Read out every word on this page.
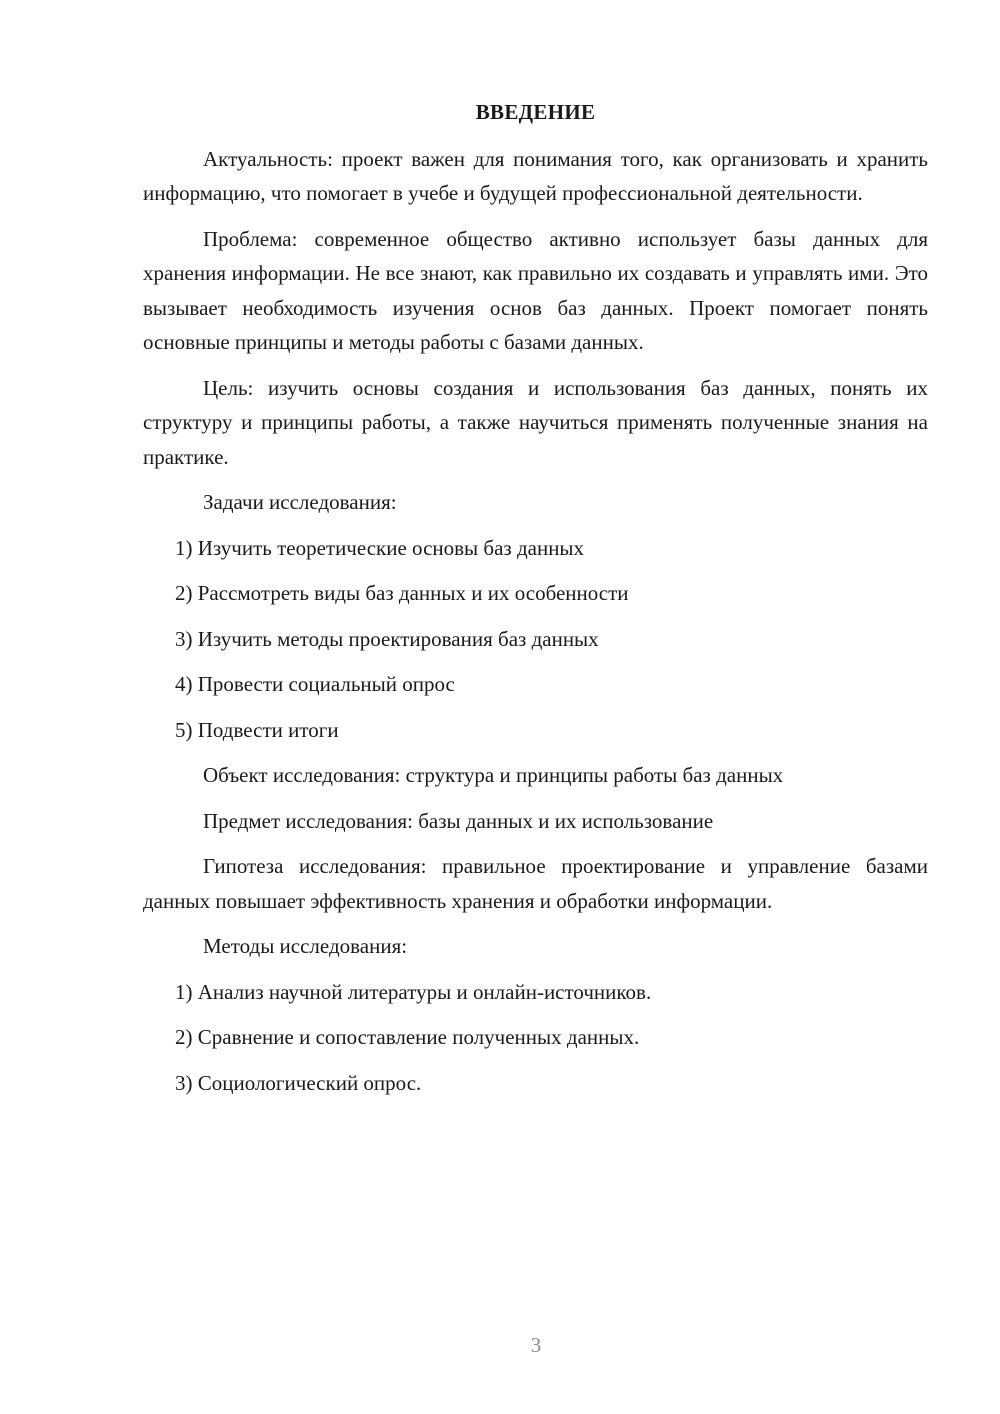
ВВЕДЕНИЕ

Актуальность: проект важен для понимания того, как организовать и хранить информацию, что помогает в учебе и будущей профессиональной деятельности.

Проблема: современное общество активно использует базы данных для хранения информации. Не все знают, как правильно их создавать и управлять ими. Это вызывает необходимость изучения основ баз данных. Проект помогает понять основные принципы и методы работы с базами данных.

Цель: изучить основы создания и использования баз данных, понять их структуру и принципы работы, а также научиться применять полученные знания на практике.

Задачи исследования:

1) Изучить теоретические основы баз данных
2) Рассмотреть виды баз данных и их особенности
3) Изучить методы проектирования баз данных
4) Провести социальный опрос
5) Подвести итоги

Объект исследования: структура и принципы работы баз данных

Предмет исследования: базы данных и их использование

Гипотеза исследования: правильное проектирование и управление базами данных повышает эффективность хранения и обработки информации.

Методы исследования:

1) Анализ научной литературы и онлайн-источников.
2) Сравнение и сопоставление полученных данных.
3) Социологический опрос.
3
